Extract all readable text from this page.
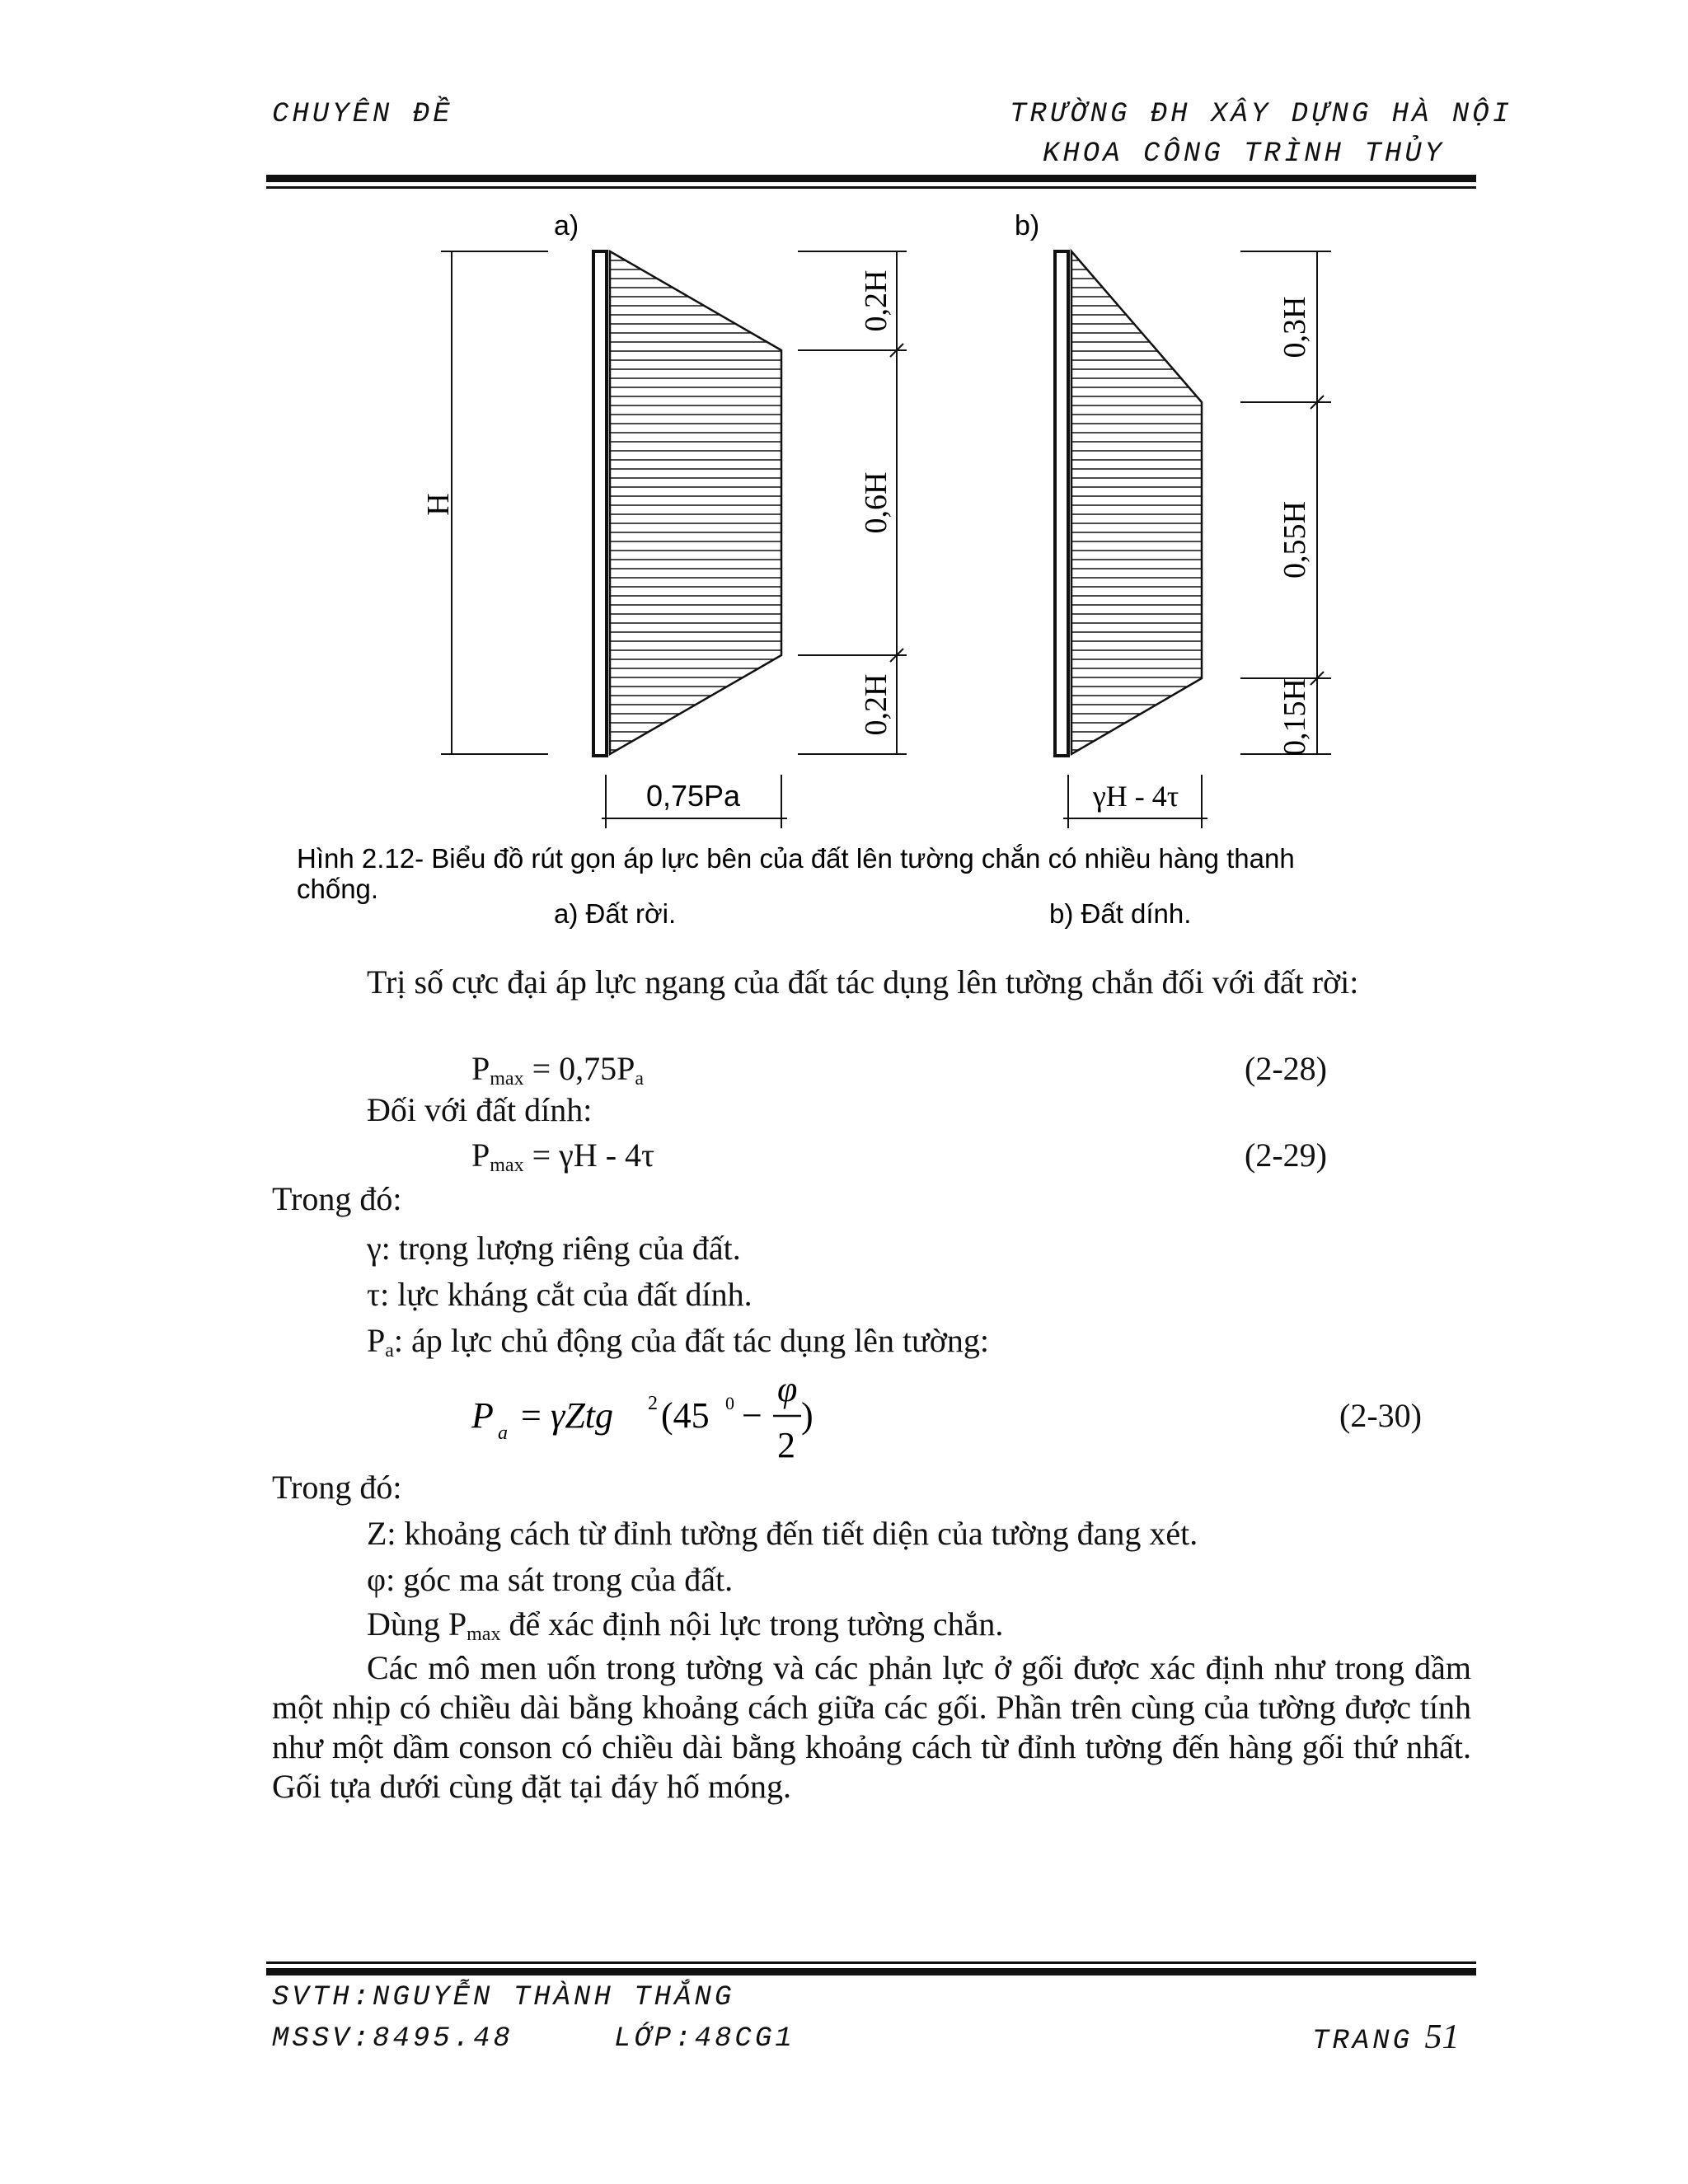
CHUYÊN ĐỀ	TRƯỜNG ĐH XÂY DỰNG HÀ NỘI
KHOA CÔNG TRÌNH THỦY
a)	b)
H
0,2H
0,6H
0,2H
0,75Pa
0,3H
0,55H
0,15H
γH - 4τ
Hình 2.12- Biểu đồ rút gọn áp lực bên của đất lên tường chắn có nhiều hàng thanh
chống.
a) Đất rời.	b) Đất dính.
Trị số cực đại áp lực ngang của đất tác dụng lên tường chắn đối với đất rời:
$P_{max} = 0,75P_a$	(2-28)
Đối với đất dính:
$P_{max} = \gamma H - 4\tau$	(2-29)
Trong đó:
γ: trọng lượng riêng của đất.
τ: lực kháng cắt của đất dính.
$P_a$: áp lực chủ động của đất tác dụng lên tường:
P a = γZtg 2 (45 0 −
φ
2
)	(2-30)
Trong đó:
Z: khoảng cách từ đỉnh tường đến tiết diện của tường đang xét.
φ: góc ma sát trong của đất.
Dùng $P_{max}$ để xác định nội lực trong tường chắn.
Các mô men uốn trong tường và các phản lực ở gối được xác định như trong dầm một nhịp có chiều dài bằng khoảng cách giữa các gối. Phần trên cùng của tường được tính như một dầm conson có chiều dài bằng khoảng cách từ đỉnh tường đến hàng gối thứ nhất. Gối tựa dưới cùng đặt tại đáy hố móng.
SVTH:NGUYỄN THÀNH THẮNG
MSSV:8495.48	LỚP:48CG1	TRANG 51
